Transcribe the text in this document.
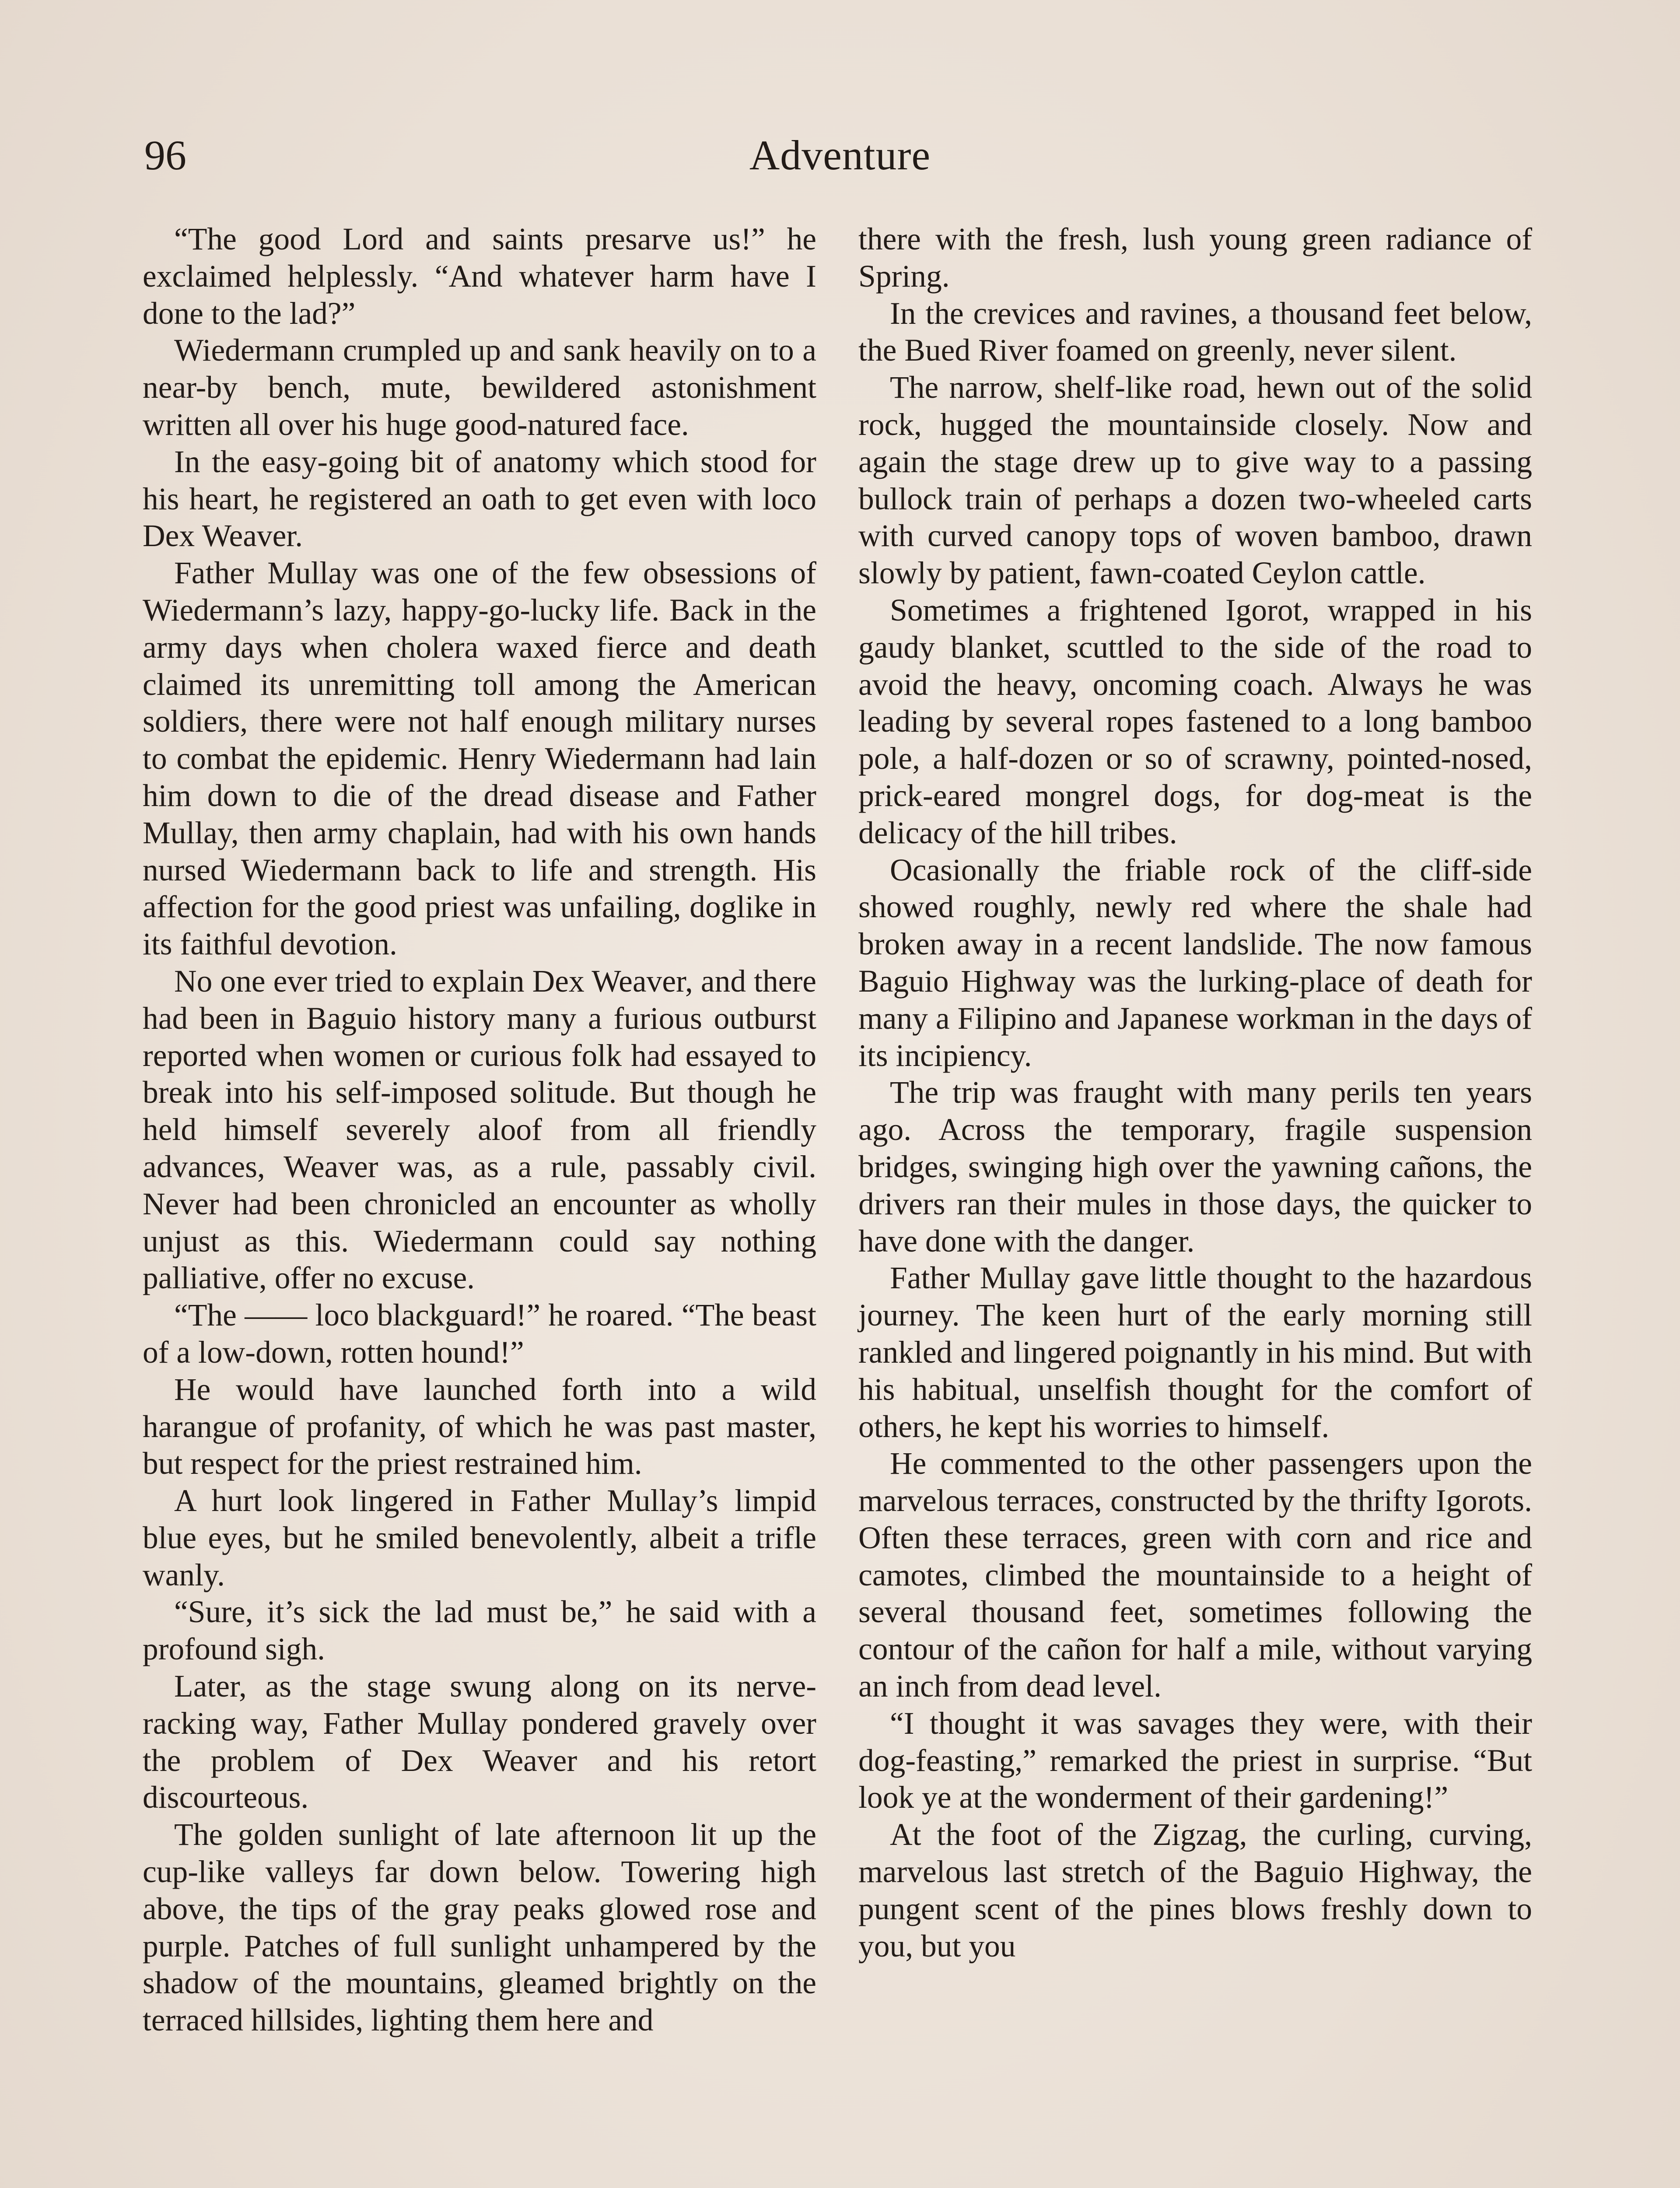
96	Adventure

“The good Lord and saints presarve us!” he exclaimed helplessly. “And whatever harm have I done to the lad?”

Wiedermann crumpled up and sank heavily on to a near-by bench, mute, bewildered astonishment written all over his huge good-natured face.

In the easy-going bit of anatomy which stood for his heart, he registered an oath to get even with loco Dex Weaver.

Father Mullay was one of the few obsessions of Wiedermann’s lazy, happy-go-lucky life. Back in the army days when cholera waxed fierce and death claimed its unremitting toll among the American soldiers, there were not half enough military nurses to combat the epidemic. Henry Wiedermann had lain him down to die of the dread disease and Father Mullay, then army chaplain, had with his own hands nursed Wiedermann back to life and strength. His affection for the good priest was unfailing, doglike in its faithful devotion.

No one ever tried to explain Dex Weaver, and there had been in Baguio history many a furious outburst reported when women or curious folk had essayed to break into his self-imposed solitude. But though he held himself severely aloof from all friendly advances, Weaver was, as a rule, passably civil. Never had been chronicled an encounter as wholly unjust as this. Wiedermann could say nothing palliative, offer no excuse.

“The —— loco blackguard!” he roared. “The beast of a low-down, rotten hound!”

He would have launched forth into a wild harangue of profanity, of which he was past master, but respect for the priest restrained him.

A hurt look lingered in Father Mullay’s limpid blue eyes, but he smiled benevolently, albeit a trifle wanly.

“Sure, it’s sick the lad must be,” he said with a profound sigh.

Later, as the stage swung along on its nerve-racking way, Father Mullay pondered gravely over the problem of Dex Weaver and his retort discourteous.

The golden sunlight of late afternoon lit up the cup-like valleys far down below. Towering high above, the tips of the gray peaks glowed rose and purple. Patches of full sunlight unhampered by the shadow of the mountains, gleamed brightly on the terraced hillsides, lighting them here and

there with the fresh, lush young green radiance of Spring.

In the crevices and ravines, a thousand feet below, the Bued River foamed on greenly, never silent.

The narrow, shelf-like road, hewn out of the solid rock, hugged the mountainside closely. Now and again the stage drew up to give way to a passing bullock train of perhaps a dozen two-wheeled carts with curved canopy tops of woven bamboo, drawn slowly by patient, fawn-coated Ceylon cattle.

Sometimes a frightened Igorot, wrapped in his gaudy blanket, scuttled to the side of the road to avoid the heavy, oncoming coach. Always he was leading by several ropes fastened to a long bamboo pole, a half-dozen or so of scrawny, pointed-nosed, prick-eared mongrel dogs, for dog-meat is the delicacy of the hill tribes.

Ocasionally the friable rock of the cliff-side showed roughly, newly red where the shale had broken away in a recent landslide. The now famous Baguio Highway was the lurking-place of death for many a Filipino and Japanese workman in the days of its incipiency.

The trip was fraught with many perils ten years ago. Across the temporary, fragile suspension bridges, swinging high over the yawning cañons, the drivers ran their mules in those days, the quicker to have done with the danger.

Father Mullay gave little thought to the hazardous journey. The keen hurt of the early morning still rankled and lingered poignantly in his mind. But with his habitual, unselfish thought for the comfort of others, he kept his worries to himself.

He commented to the other passengers upon the marvelous terraces, constructed by the thrifty Igorots. Often these terraces, green with corn and rice and camotes, climbed the mountainside to a height of several thousand feet, sometimes following the contour of the cañon for half a mile, without varying an inch from dead level.

“I thought it was savages they were, with their dog-feasting,” remarked the priest in surprise. “But look ye at the wonderment of their gardening!”

At the foot of the Zigzag, the curling, curving, marvelous last stretch of the Baguio Highway, the pungent scent of the pines blows freshly down to you, but you
